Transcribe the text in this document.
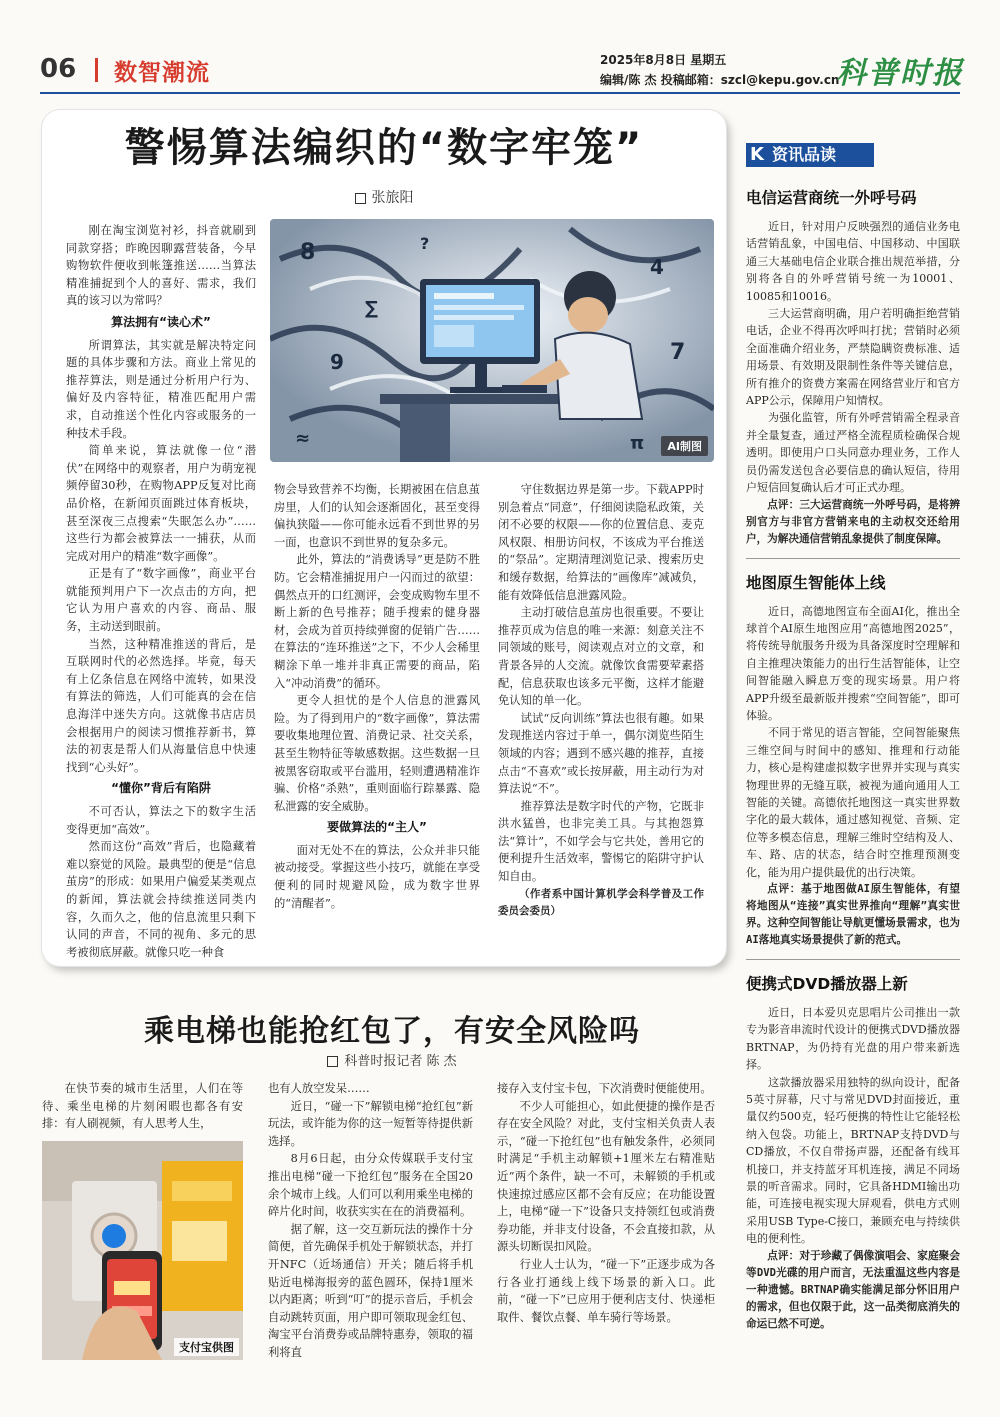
06 数智潮流	2025年8月8日 星期五
编辑/陈 杰 投稿邮箱：szcl@kepu.gov.cn
科普时报
警惕算法编织的“数字牢笼”
张旅阳
8
∑
9
4
7
?
≈	π	AI制图

刚在淘宝浏览衬衫，抖音就刷到同款穿搭；昨晚因聊露营装备，今早购物软件便收到帐篷推送……当算法精准捕捉到个人的喜好、需求，我们真的该习以为常吗？

算法拥有“读心术”

所谓算法，其实就是解决特定问题的具体步骤和方法。商业上常见的推荐算法，则是通过分析用户行为、偏好及内容特征，精准匹配用户需求，自动推送个性化内容或服务的一种技术手段。

简单来说，算法就像一位“潜伏”在网络中的观察者，用户为萌宠视频停留30秒，在购物APP反复对比商品价格，在新闻页面跳过体育板块，甚至深夜三点搜索“失眠怎么办”……这些行为都会被算法一一捕获，从而完成对用户的精准“数字画像”。

正是有了“数字画像”，商业平台就能预判用户下一次点击的方向，把它认为用户喜欢的内容、商品、服务，主动送到眼前。

当然，这种精准推送的背后，是互联网时代的必然选择。毕竟，每天有上亿条信息在网络中流转，如果没有算法的筛选，人们可能真的会在信息海洋中迷失方向。这就像书店店员会根据用户的阅读习惯推荐新书，算法的初衷是帮人们从海量信息中快速找到“心头好”。

“懂你”背后有陷阱

不可否认，算法之下的数字生活变得更加“高效”。

然而这份“高效”背后，也隐藏着难以察觉的风险。最典型的便是“信息茧房”的形成：如果用户偏爱某类观点的新闻，算法就会持续推送同类内容，久而久之，他的信息流里只剩下认同的声音，不同的视角、多元的思考被彻底屏蔽。就像只吃一种食

物会导致营养不均衡，长期被困在信息茧房里，人们的认知会逐渐固化，甚至变得偏执狭隘——你可能永远看不到世界的另一面，也意识不到世界的复杂多元。

此外，算法的“消费诱导”更是防不胜防。它会精准捕捉用户一闪而过的欲望：偶然点开的口红测评，会变成购物车里不断上新的色号推荐；随手搜索的健身器材，会成为首页持续弹窗的促销广告……在算法的“连环推送”之下，不少人会稀里糊涂下单一堆并非真正需要的商品，陷入“冲动消费”的循环。

更令人担忧的是个人信息的泄露风险。为了得到用户的“数字画像”，算法需要收集地理位置、消费记录、社交关系，甚至生物特征等敏感数据。这些数据一旦被黑客窃取或平台滥用，轻则遭遇精准诈骗、价格“杀熟”，重则面临行踪暴露、隐私泄露的安全威胁。

要做算法的“主人”

面对无处不在的算法，公众并非只能被动接受。掌握这些小技巧，就能在享受便利的同时规避风险，成为数字世界的“清醒者”。

守住数据边界是第一步。下载APP时别急着点“同意”，仔细阅读隐私政策，关闭不必要的权限——你的位置信息、麦克风权限、相册访问权，不该成为平台推送的“祭品”。定期清理浏览记录、搜索历史和缓存数据，给算法的“画像库”减减负，能有效降低信息泄露风险。

主动打破信息茧房也很重要。不要让推荐页成为信息的唯一来源：刻意关注不同领域的账号，阅读观点对立的文章，和背景各异的人交流。就像饮食需要荤素搭配，信息获取也该多元平衡，这样才能避免认知的单一化。

试试“反向训练”算法也很有趣。如果发现推送内容过于单一，偶尔浏览些陌生领域的内容；遇到不感兴趣的推荐，直接点击“不喜欢”或长按屏蔽，用主动行为对算法说“不”。

推荐算法是数字时代的产物，它既非洪水猛兽，也非完美工具。与其抱怨算法“算计”，不如学会与它共处，善用它的便利提升生活效率，警惕它的陷阱守护认知自由。

（作者系中国计算机学会科学普及工作委员会委员）

K 资讯品读
电信运营商统一外呼号码

近日，针对用户反映强烈的通信业务电话营销乱象，中国电信、中国移动、中国联通三大基础电信企业联合推出规范举措，分别将各自的外呼营销号统一为10001、10085和10016。

三大运营商明确，用户若明确拒绝营销电话，企业不得再次呼叫打扰；营销时必须全面准确介绍业务，严禁隐瞒资费标准、适用场景、有效期及限制性条件等关键信息，所有推介的资费方案需在网络营业厅和官方APP公示，保障用户知情权。

为强化监管，所有外呼营销需全程录音并全量复查，通过严格全流程质检确保合规透明。即使用户口头同意办理业务，工作人员仍需发送包含必要信息的确认短信，待用户短信回复确认后才可正式办理。

点评：三大运营商统一外呼号码，是将辨别官方与非官方营销来电的主动权交还给用户，为解决通信营销乱象提供了制度保障。

地图原生智能体上线

近日，高德地图宣布全面AI化，推出全球首个AI原生地图应用“高德地图2025”，将传统导航服务升级为具备深度时空理解和自主推理决策能力的出行生活智能体，让空间智能融入瞬息万变的现实场景。用户将APP升级至最新版并搜索“空间智能”，即可体验。

不同于常见的语言智能，空间智能聚焦三维空间与时间中的感知、推理和行动能力，核心是构建虚拟数字世界并实现与真实物理世界的无缝互联，被视为通向通用人工智能的关键。高德依托地图这一真实世界数字化的最大载体，通过感知视觉、音频、定位等多模态信息，理解三维时空结构及人、车、路、店的状态，结合时空推理预测变化，能为用户提供最优的出行决策。

点评：基于地图做AI原生智能体，有望将地图从“连接”真实世界推向“理解”真实世界。这种空间智能让导航更懂场景需求，也为AI落地真实场景提供了新的范式。

便携式DVD播放器上新

近日，日本爱贝克思唱片公司推出一款专为影音串流时代设计的便携式DVD播放器BRTNAP，为仍持有光盘的用户带来新选择。

这款播放器采用独特的纵向设计，配备5英寸屏幕，尺寸与常见DVD封面接近，重量仅约500克，轻巧便携的特性让它能轻松纳入包袋。功能上，BRTNAP支持DVD与CD播放，不仅自带扬声器，还配备有线耳机接口，并支持蓝牙耳机连接，满足不同场景的听音需求。同时，它具备HDMI输出功能，可连接电视实现大屏观看，供电方式则采用USB Type-C接口，兼顾充电与持续供电的便利性。

点评：对于珍藏了偶像演唱会、家庭聚会等DVD光碟的用户而言，无法重温这些内容是一种遗憾。BRTNAP确实能满足部分怀旧用户的需求，但也仅限于此，这一品类彻底消失的命运已然不可逆。

乘电梯也能抢红包了，有安全风险吗
科普时报记者 陈 杰

在快节奏的城市生活里，人们在等待、乘坐电梯的片刻闲暇也都各有安排：有人刷视频，有人思考人生，

支付宝供图

也有人放空发呆……

近日，“碰一下”解锁电梯“抢红包”新玩法，或许能为你的这一短暂等待提供新选择。

8月6日起，由分众传媒联手支付宝推出电梯“碰一下抢红包”服务在全国20余个城市上线。人们可以利用乘坐电梯的碎片化时间，收获实实在在的消费福利。

据了解，这一交互新玩法的操作十分简便，首先确保手机处于解锁状态，并打开NFC（近场通信）开关；随后将手机贴近电梯海报旁的蓝色圆环，保持1厘米以内距离；听到“叮”的提示音后，手机会自动跳转页面，用户即可领取现金红包、淘宝平台消费券或品牌特惠券，领取的福利将直

接存入支付宝卡包，下次消费时便能使用。

不少人可能担心，如此便捷的操作是否存在安全风险？对此，支付宝相关负责人表示，“碰一下抢红包”也有触发条件，必须同时满足“手机主动解锁+1厘米左右精准贴近”两个条件，缺一不可，未解锁的手机或快速掠过感应区都不会有反应；在功能设置上，电梯“碰一下”设备只支持领红包或消费券功能，并非支付设备，不会直接扣款，从源头切断误扣风险。

行业人士认为，“碰一下”正逐步成为各行各业打通线上线下场景的新入口。此前，“碰一下”已应用于便利店支付、快递柜取件、餐饮点餐、单车骑行等场景。
